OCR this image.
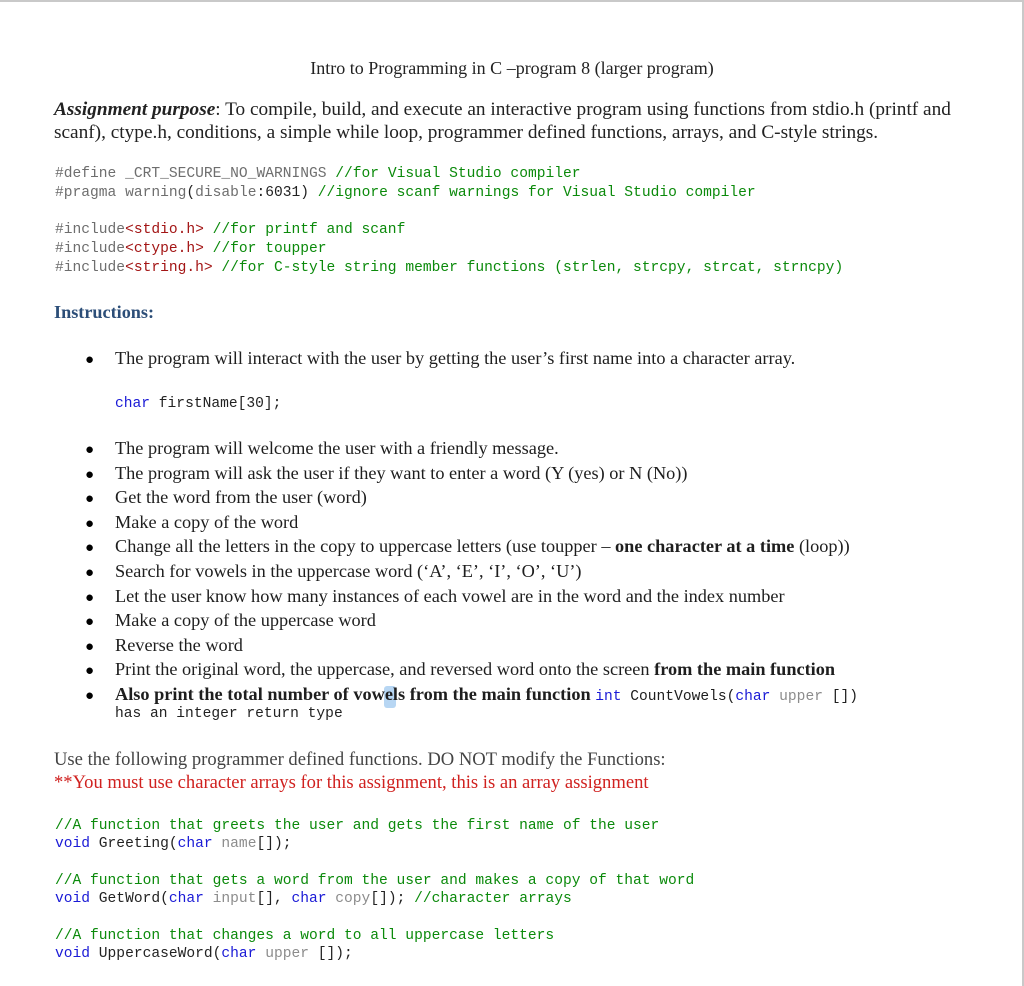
Intro to Programming in C –program 8 (larger program)
Assignment purpose: To compile, build, and execute an interactive program using functions from stdio.h (printf and scanf), ctype.h, conditions, a simple while loop, programmer defined functions, arrays, and C-style strings.
#define _CRT_SECURE_NO_WARNINGS //for Visual Studio compiler
#pragma warning(disable:6031) //ignore scanf warnings for Visual Studio compiler
#include<stdio.h> //for printf and scanf
#include<ctype.h> //for toupper
#include<string.h> //for C-style string member functions (strlen, strcpy, strcat, strncpy)
Instructions:
● The program will interact with the user by getting the user’s first name into a character array.
char firstName[30];
● The program will welcome the user with a friendly message.
● The program will ask the user if they want to enter a word (Y (yes) or N (No))
● Get the word from the user (word)
● Make a copy of the word
● Change all the letters in the copy to uppercase letters (use toupper – one character at a time (loop))
● Search for vowels in the uppercase word (‘A’, ‘E’, ‘I’, ‘O’, ‘U’)
● Let the user know how many instances of each vowel are in the word and the index number
● Make a copy of the uppercase word
● Reverse the word
● Print the original word, the uppercase, and reversed word onto the screen from the main function
● Also print the total number of vowels from the main function int CountVowels(char upper [])
has an integer return type
Use the following programmer defined functions. DO NOT modify the Functions:
**You must use character arrays for this assignment, this is an array assignment
//A function that greets the user and gets the first name of the user
void Greeting(char name[]);
//A function that gets a word from the user and makes a copy of that word
void GetWord(char input[], char copy[]); //character arrays
//A function that changes a word to all uppercase letters
void UppercaseWord(char upper []);
